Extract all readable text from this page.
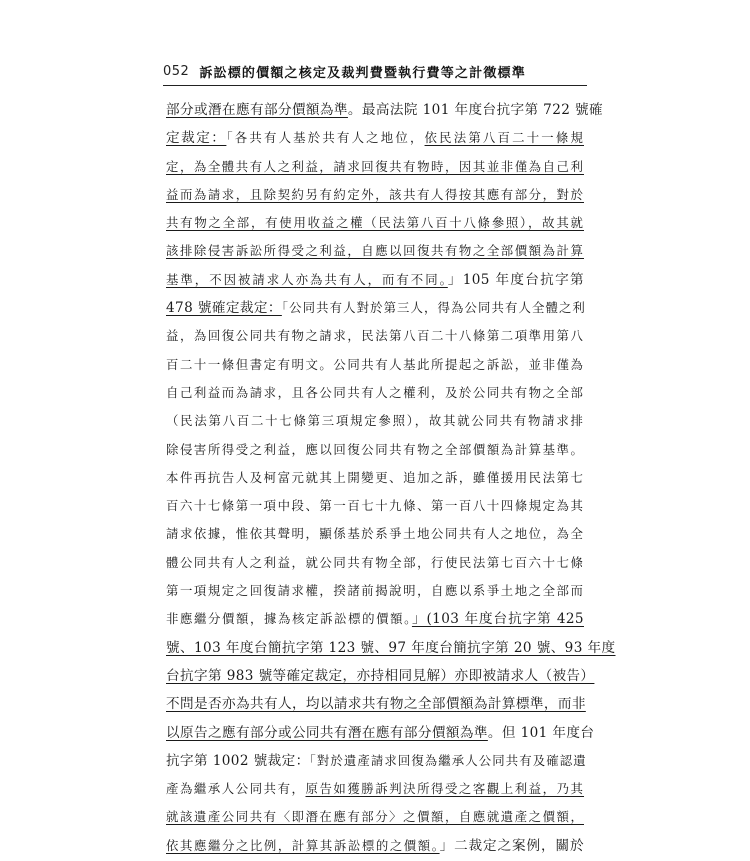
052 訴訟標的價額之核定及裁判費暨執行費等之計徵標準
部分或潛在應有部分價額為準。最高法院 101 年度台抗字第 722 號確
定裁定：「各共有人基於共有人之地位，依民法第八百二十一條規
定，為全體共有人之利益，請求回復共有物時，因其並非僅為自己利
益而為請求，且除契約另有約定外，該共有人得按其應有部分，對於
共有物之全部，有使用收益之權（民法第八百十八條參照），故其就
該排除侵害訴訟所得受之利益，自應以回復共有物之全部價額為計算
基準，不因被請求人亦為共有人，而有不同。」105 年度台抗字第
478 號確定裁定：「公同共有人對於第三人，得為公同共有人全體之利
益，為回復公同共有物之請求，民法第八百二十八條第二項準用第八
百二十一條但書定有明文。公同共有人基此所提起之訴訟，並非僅為
自己利益而為請求，且各公同共有人之權利，及於公同共有物之全部
（民法第八百二十七條第三項規定參照），故其就公同共有物請求排
除侵害所得受之利益，應以回復公同共有物之全部價額為計算基準。
本件再抗告人及柯富元就其上開變更、追加之訴，雖僅援用民法第七
百六十七條第一項中段、第一百七十九條、第一百八十四條規定為其
請求依據，惟依其聲明，顯係基於系爭土地公同共有人之地位，為全
體公同共有人之利益，就公同共有物全部，行使民法第七百六十七條
第一項規定之回復請求權，揆諸前揭說明，自應以系爭土地之全部而
非應繼分價額，據為核定訴訟標的價額。」(103 年度台抗字第 425
號、103 年度台簡抗字第 123 號、97 年度台簡抗字第 20 號、93 年度
台抗字第 983 號等確定裁定，亦持相同見解）亦即被請求人（被告）
不問是否亦為共有人，均以請求共有物之全部價額為計算標準，而非
以原告之應有部分或公同共有潛在應有部分價額為準。但 101 年度台
抗字第 1002 號裁定：「對於遺產請求回復為繼承人公同共有及確認遺
產為繼承人公同共有，原告如獲勝訴判決所得受之客觀上利益，乃其
就該遺產公同共有〈即潛在應有部分〉之價額，自應就遺產之價額，
依其應繼分之比例，計算其訴訟標的之價額。」二裁定之案例，關於
